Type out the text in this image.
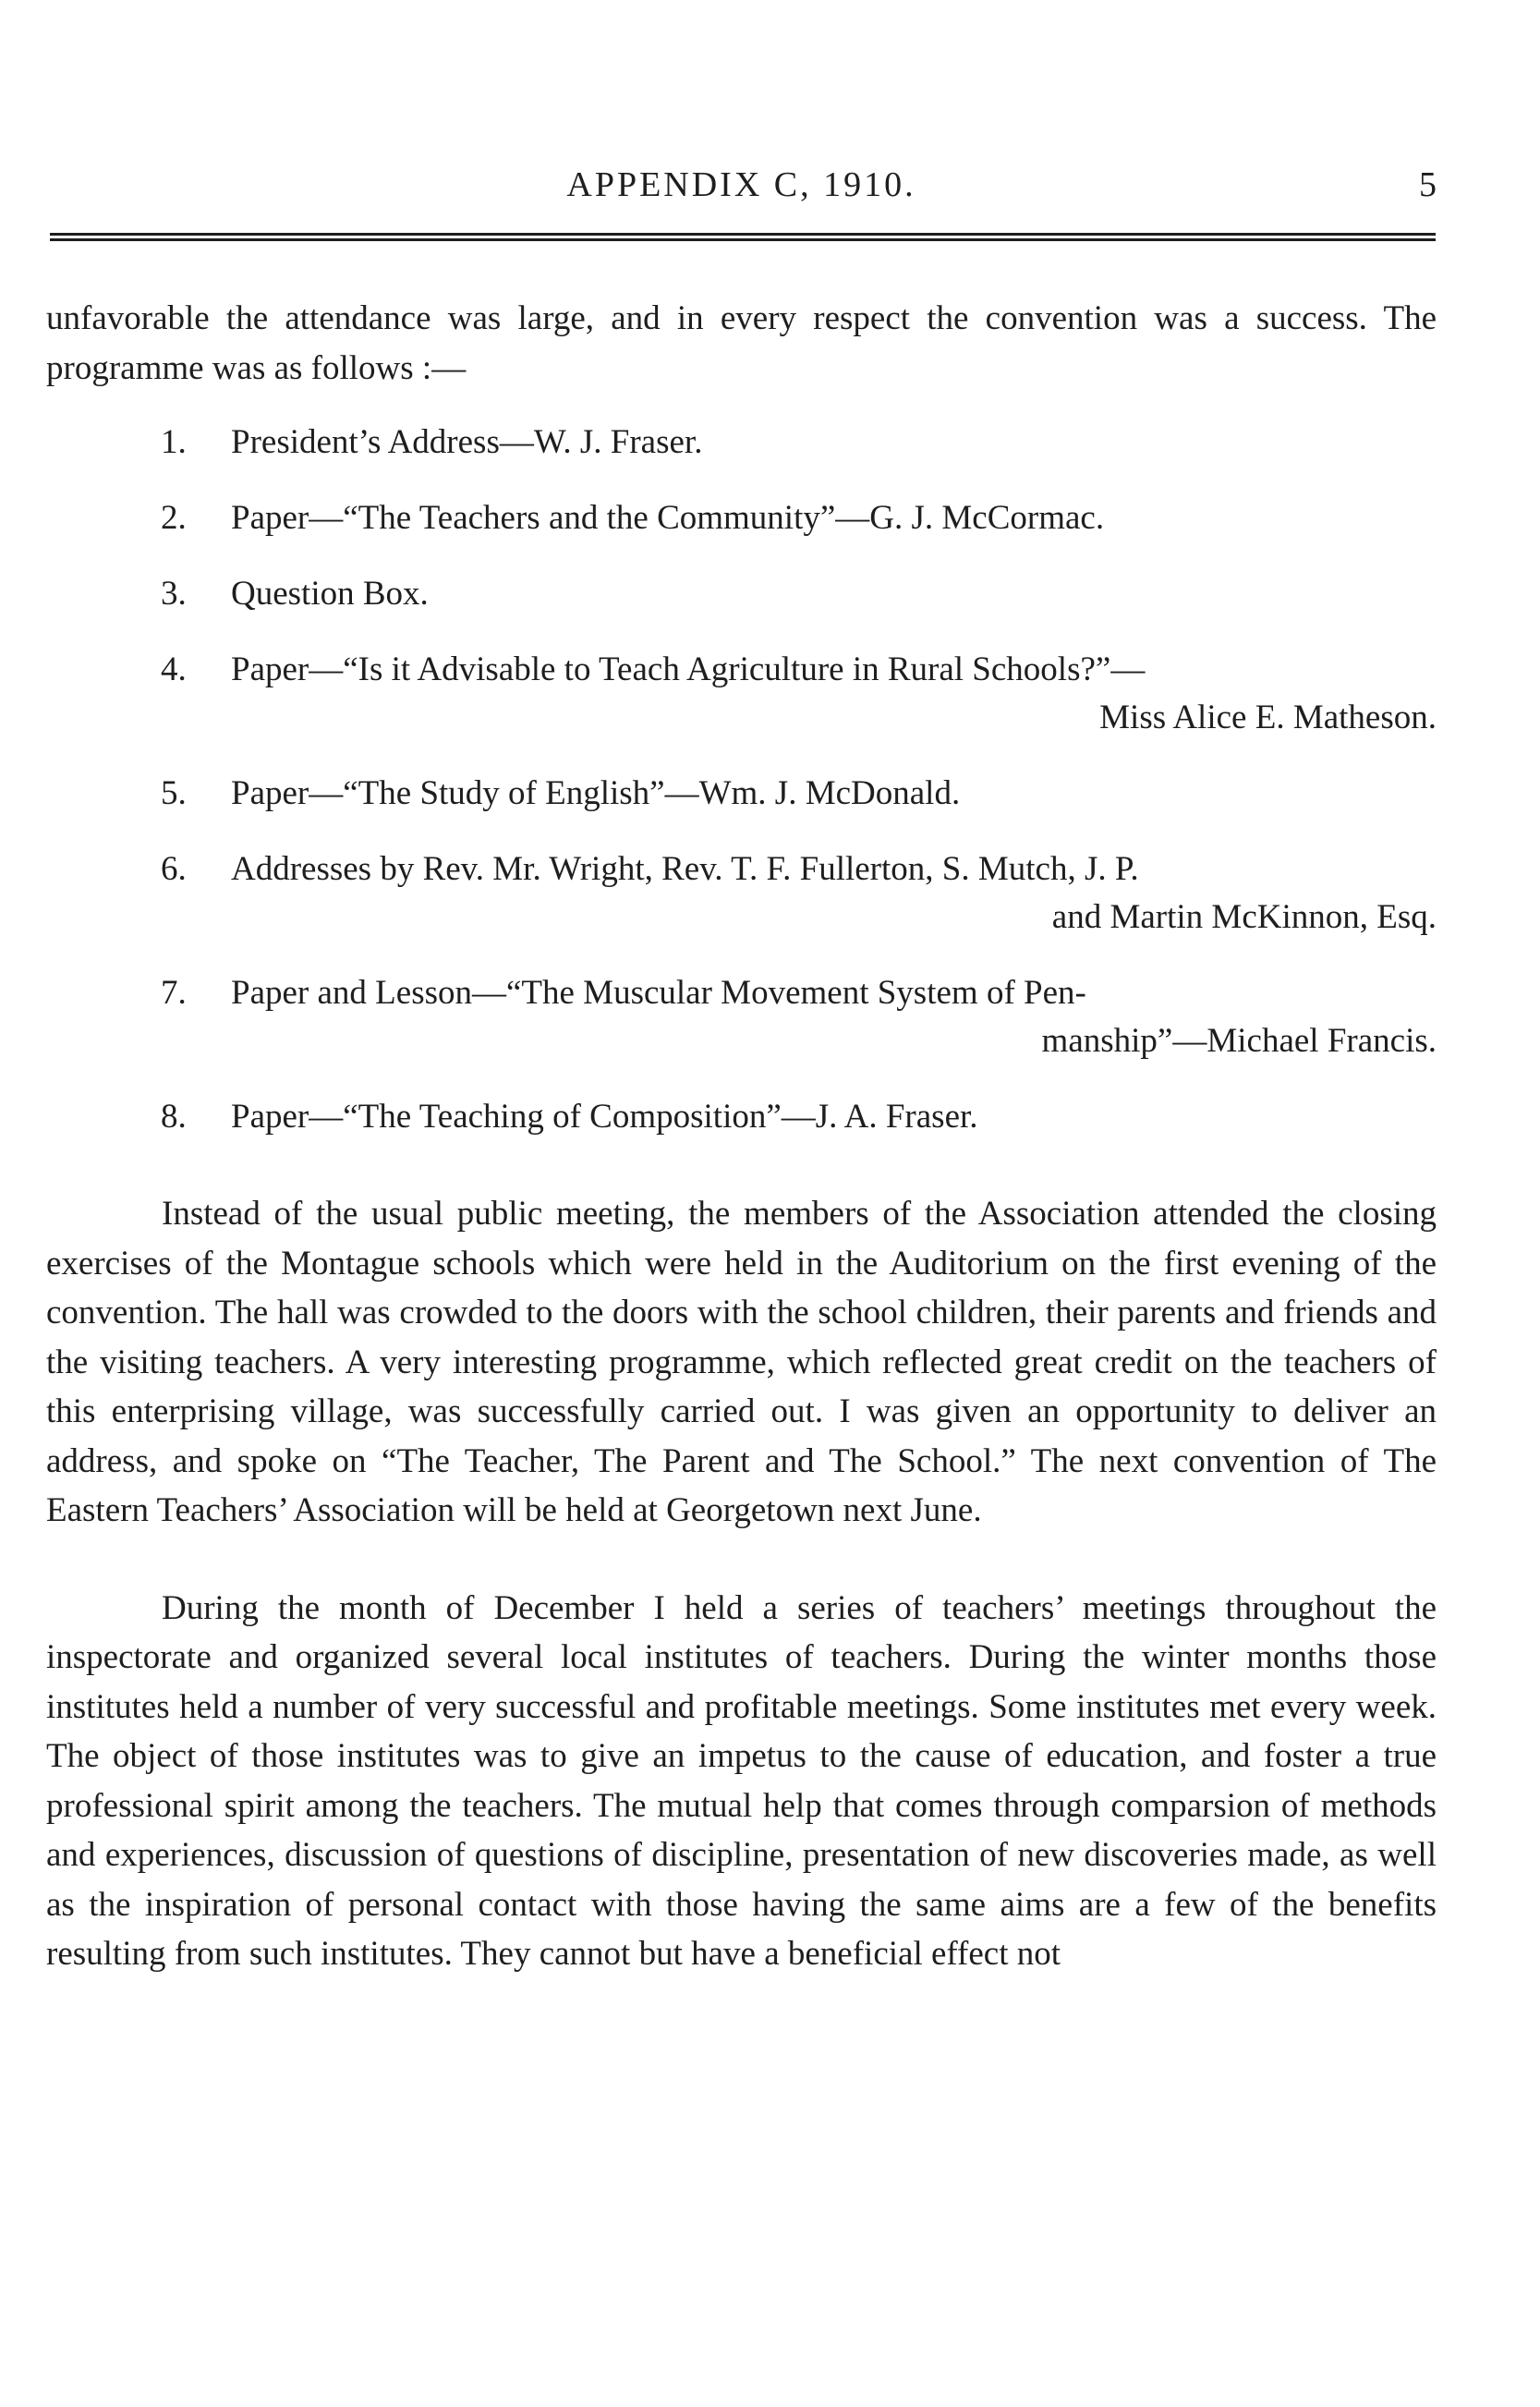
APPENDIX C, 1910.	5

unfavorable the attendance was large, and in every respect the convention was a success. The programme was as follows :—

1. President’s Address—W. J. Fraser.
2. Paper—“The Teachers and the Community”—G. J. McCormac.
3. Question Box.
4. Paper—“Is it Advisable to Teach Agriculture in Rural Schools?”—
Miss Alice E. Matheson.
5. Paper—“The Study of English”—Wm. J. McDonald.
6. Addresses by Rev. Mr. Wright, Rev. T. F. Fullerton, S. Mutch, J. P.
and Martin McKinnon, Esq.
7. Paper and Lesson—“The Muscular Movement System of Pen-
manship”—Michael Francis.
8. Paper—“The Teaching of Composition”—J. A. Fraser.

Instead of the usual public meeting, the members of the Association attended the closing exercises of the Montague schools which were held in the Auditorium on the first evening of the convention. The hall was crowded to the doors with the school children, their parents and friends and the visiting teachers. A very interesting programme, which reflected great credit on the teachers of this enterprising village, was successfully carried out. I was given an opportunity to deliver an address, and spoke on “The Teacher, The Parent and The School.” The next convention of The Eastern Teachers’ Association will be held at Georgetown next June.

During the month of December I held a series of teachers’ meetings throughout the inspectorate and organized several local institutes of teachers. During the winter months those institutes held a number of very successful and profitable meetings. Some institutes met every week. The object of those institutes was to give an impetus to the cause of education, and foster a true professional spirit among the teachers. The mutual help that comes through comparsion of methods and experiences, discussion of questions of discipline, presentation of new discoveries made, as well as the inspiration of personal contact with those having the same aims are a few of the benefits resulting from such institutes. They cannot but have a beneficial effect not
